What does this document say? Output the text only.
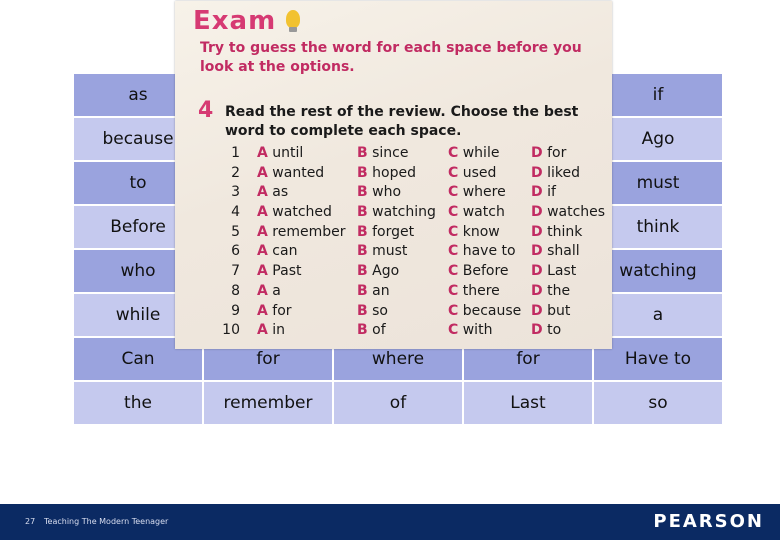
as				if
because				Ago
to				must
Before				think
who				watching
while				a
Can	for	where	for	Have to
the	remember	of	Last	so
Exam
Try to guess the word for each space before you look at the options.
4 Read the rest of the review. Choose the best word to complete each space.
1 A until	B since	C while D for
2 A wanted B hoped C used D liked
3 A as	B who	C where D if
4 A watched B watching C watch D watches
5 A remember B forget C know D think
6 A can	B must	C have to D shall
7 A Past	B Ago	C Before D Last
8 A a	B an	C there D the
9 A for	B so	C because D but
10 A in	B of	C with	D to
27 Teaching The Modern Teenager	PEARSON
